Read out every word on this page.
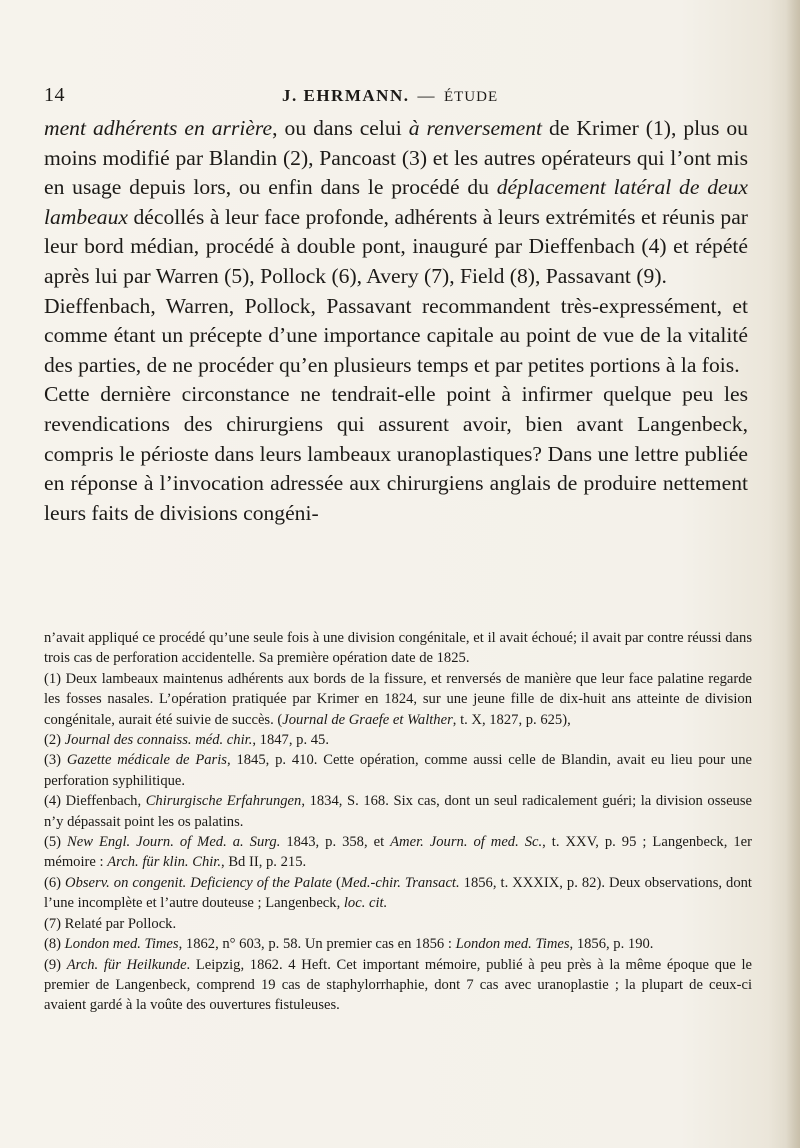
14	J. EHRMANN. — ÉTUDE

ment adhérents en arrière, ou dans celui à renversement de Krimer (1), plus ou moins modifié par Blandin (2), Pancoast (3) et les autres opérateurs qui l’ont mis en usage depuis lors, ou enfin dans le procédé du déplacement latéral de deux lambeaux décollés à leur face profonde, adhérents à leurs extrémités et réunis par leur bord médian, procédé à double pont, inauguré par Dieffenbach (4) et répété après lui par Warren (5), Pollock (6), Avery (7), Field (8), Passavant (9).

Dieffenbach, Warren, Pollock, Passavant recommandent très-expressément, et comme étant un précepte d’une importance capitale au point de vue de la vitalité des parties, de ne procéder qu’en plusieurs temps et par petites portions à la fois.

Cette dernière circonstance ne tendrait-elle point à infirmer quelque peu les revendications des chirurgiens qui assurent avoir, bien avant Langenbeck, compris le périoste dans leurs lambeaux uranoplastiques? Dans une lettre publiée en réponse à l’invocation adressée aux chirurgiens anglais de produire nettement leurs faits de divisions congéni-

n’avait appliqué ce procédé qu’une seule fois à une division congénitale, et il avait échoué; il avait par contre réussi dans trois cas de perforation accidentelle. Sa première opération date de 1825.

(1) Deux lambeaux maintenus adhérents aux bords de la fissure, et renversés de manière que leur face palatine regarde les fosses nasales. L’opération pratiquée par Krimer en 1824, sur une jeune fille de dix-huit ans atteinte de division congénitale, aurait été suivie de succès. (Journal de Graefe et Walther, t. X, 1827, p. 625),

(2) Journal des connaiss. méd. chir., 1847, p. 45.

(3) Gazette médicale de Paris, 1845, p. 410. Cette opération, comme aussi celle de Blandin, avait eu lieu pour une perforation syphilitique.

(4) Dieffenbach, Chirurgische Erfahrungen, 1834, S. 168. Six cas, dont un seul radicalement guéri; la division osseuse n’y dépassait point les os palatins.

(5) New Engl. Journ. of Med. a. Surg. 1843, p. 358, et Amer. Journ. of med. Sc., t. XXV, p. 95 ; Langenbeck, 1er mémoire : Arch. für klin. Chir., Bd II, p. 215.

(6) Observ. on congenit. Deficiency of the Palate (Med.-chir. Transact. 1856, t. XXXIX, p. 82). Deux observations, dont l’une incomplète et l’autre douteuse ; Langenbeck, loc. cit.

(7) Relaté par Pollock.

(8) London med. Times, 1862, n° 603, p. 58. Un premier cas en 1856 : London med. Times, 1856, p. 190.

(9) Arch. für Heilkunde. Leipzig, 1862. 4 Heft. Cet important mémoire, publié à peu près à la même époque que le premier de Langenbeck, comprend 19 cas de staphylorrhaphie, dont 7 cas avec uranoplastie ; la plupart de ceux-ci avaient gardé à la voûte des ouvertures fistuleuses.
